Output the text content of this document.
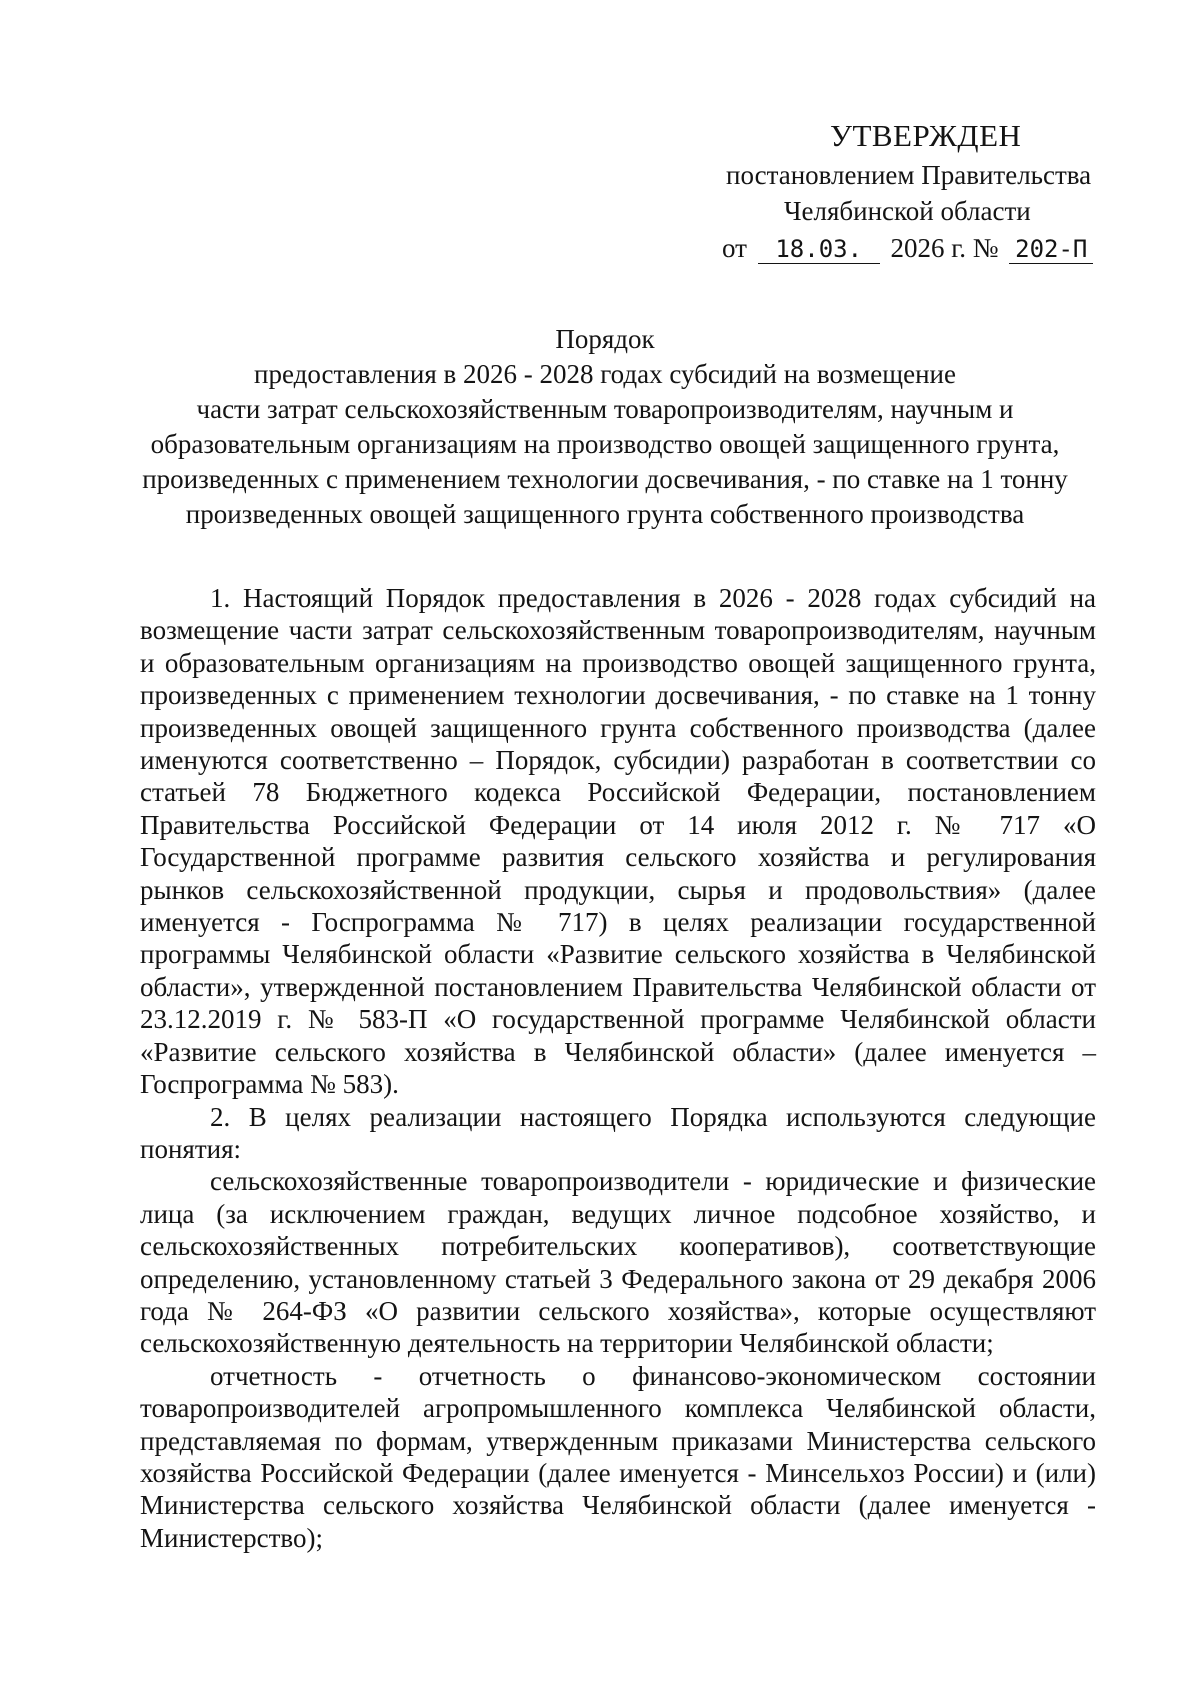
УТВЕРЖДЕН
постановлением Правительства
Челябинской области
от 18.03. 2026 г. № 202-П
Порядок
предоставления в 2026 - 2028 годах субсидий на возмещение
части затрат сельскохозяйственным товаропроизводителям, научным и
образовательным организациям на производство овощей защищенного грунта,
произведенных с применением технологии досвечивания, - по ставке на 1 тонну
произведенных овощей защищенного грунта собственного производства

1. Настоящий Порядок предоставления в 2026 - 2028 годах субсидий на возмещение части затрат сельскохозяйственным товаропроизводителям, научным и образовательным организациям на производство овощей защищенного грунта, произведенных с применением технологии досвечивания, - по ставке на 1 тонну произведенных овощей защищенного грунта собственного производства (далее именуются соответственно – Порядок, субсидии) разработан в соответствии со статьей 78 Бюджетного кодекса Российской Федерации, постановлением Правительства Российской Федерации от 14 июля 2012 г. № 717 «О Государственной программе развития сельского хозяйства и регулирования рынков сельскохозяйственной продукции, сырья и продовольствия» (далее именуется - Госпрограмма № 717) в целях реализации государственной программы Челябинской области «Развитие сельского хозяйства в Челябинской области», утвержденной постановлением Правительства Челябинской области от 23.12.2019 г. № 583-П «О государственной программе Челябинской области «Развитие сельского хозяйства в Челябинской области» (далее именуется – Госпрограмма № 583).

2. В целях реализации настоящего Порядка используются следующие понятия:

сельскохозяйственные товаропроизводители - юридические и физические лица (за исключением граждан, ведущих личное подсобное хозяйство, и сельскохозяйственных потребительских кооперативов), соответствующие определению, установленному статьей 3 Федерального закона от 29 декабря 2006 года № 264-ФЗ «О развитии сельского хозяйства», которые осуществляют сельскохозяйственную деятельность на территории Челябинской области;

отчетность - отчетность о финансово-экономическом состоянии товаропроизводителей агропромышленного комплекса Челябинской области, представляемая по формам, утвержденным приказами Министерства сельского хозяйства Российской Федерации (далее именуется - Минсельхоз России) и (или) Министерства сельского хозяйства Челябинской области (далее именуется - Министерство);
